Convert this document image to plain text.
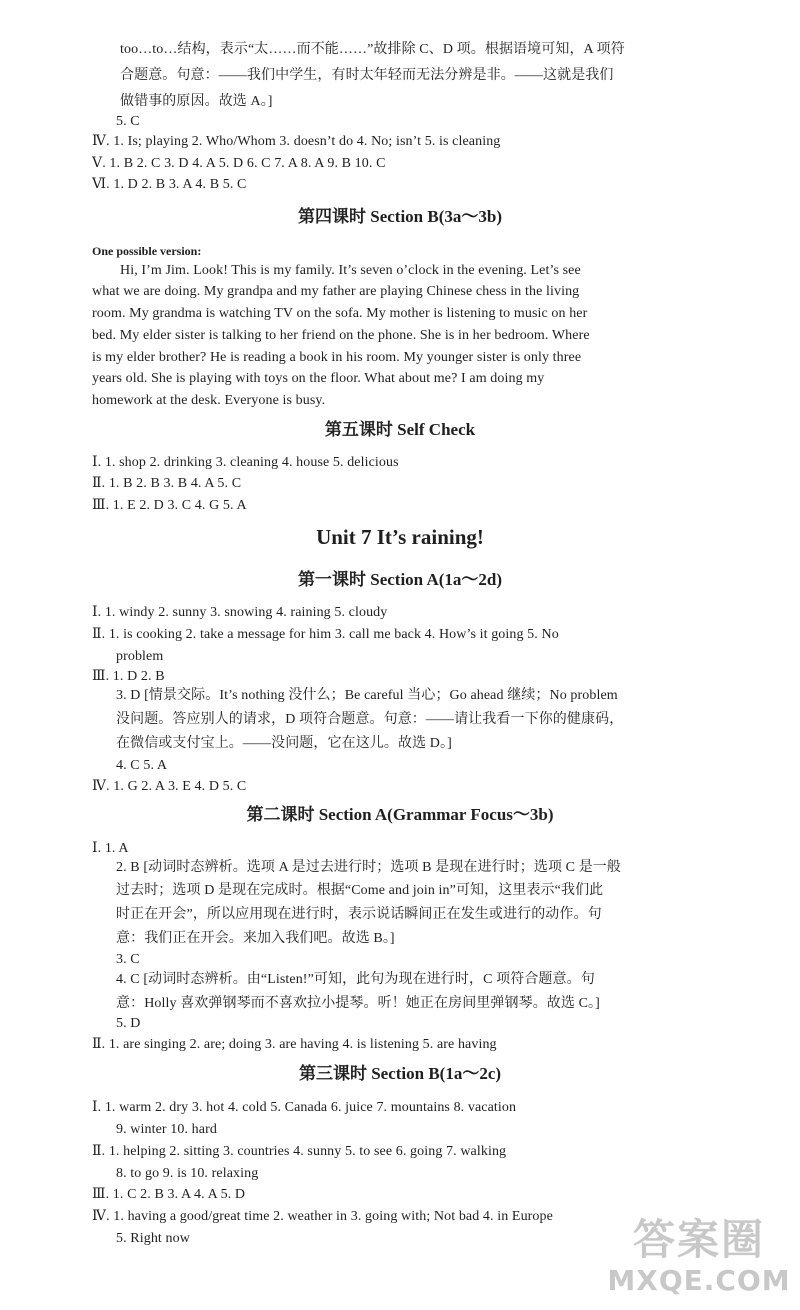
too…to…结构，表示“太……而不能……”故排除 C、D 项。根据语境可知，A 项符
合题意。句意：——我们中学生，有时太年轻而无法分辨是非。——这就是我们
做错事的原因。故选 A。]
5. C
Ⅳ. 1. Is; playing 2. Who/Whom 3. doesn’t do 4. No; isn’t 5. is cleaning
Ⅴ. 1. B 2. C 3. D 4. A 5. D 6. C 7. A 8. A 9. B 10. C
Ⅵ. 1. D 2. B 3. A 4. B 5. C
第四课时 Section B(3a～3b)
One possible version:
Hi, I’m Jim. Look! This is my family. It’s seven o’clock in the evening. Let’s see
what we are doing. My grandpa and my father are playing Chinese chess in the living
room. My grandma is watching TV on the sofa. My mother is listening to music on her
bed. My elder sister is talking to her friend on the phone. She is in her bedroom. Where
is my elder brother? He is reading a book in his room. My younger sister is only three
years old. She is playing with toys on the floor. What about me? I am doing my
homework at the desk. Everyone is busy.
第五课时 Self Check
Ⅰ. 1. shop 2. drinking 3. cleaning 4. house 5. delicious
Ⅱ. 1. B 2. B 3. B 4. A 5. C
Ⅲ. 1. E 2. D 3. C 4. G 5. A
Unit 7 It’s raining!
第一课时 Section A(1a～2d)
Ⅰ. 1. windy 2. sunny 3. snowing 4. raining 5. cloudy
Ⅱ. 1. is cooking 2. take a message for him 3. call me back 4. How’s it going 5. No
problem
Ⅲ. 1. D 2. B
3. D [情景交际。It’s nothing 没什么；Be careful 当心；Go ahead 继续；No problem
没问题。答应别人的请求，D 项符合题意。句意：——请让我看一下你的健康码，
在微信或支付宝上。——没问题，它在这儿。故选 D。]
4. C 5. A
Ⅳ. 1. G 2. A 3. E 4. D 5. C
第二课时 Section A(Grammar Focus～3b)
Ⅰ. 1. A
2. B [动词时态辨析。选项 A 是过去进行时；选项 B 是现在进行时；选项 C 是一般
过去时；选项 D 是现在完成时。根据“Come and join in”可知，这里表示“我们此
时正在开会”，所以应用现在进行时，表示说话瞬间正在发生或进行的动作。句
意：我们正在开会。来加入我们吧。故选 B。]
3. C
4. C [动词时态辨析。由“Listen!”可知，此句为现在进行时，C 项符合题意。句
意：Holly 喜欢弹钢琴而不喜欢拉小提琴。听！她正在房间里弹钢琴。故选 C。]
5. D
Ⅱ. 1. are singing 2. are; doing 3. are having 4. is listening 5. are having
第三课时 Section B(1a～2c)
Ⅰ. 1. warm 2. dry 3. hot 4. cold 5. Canada 6. juice 7. mountains 8. vacation
9. winter 10. hard
Ⅱ. 1. helping 2. sitting 3. countries 4. sunny 5. to see 6. going 7. walking
8. to go 9. is 10. relaxing
Ⅲ. 1. C 2. B 3. A 4. A 5. D
Ⅳ. 1. having a good/great time 2. weather in 3. going with; Not bad 4. in Europe
5. Right now	答案圈
MXQE.COM
